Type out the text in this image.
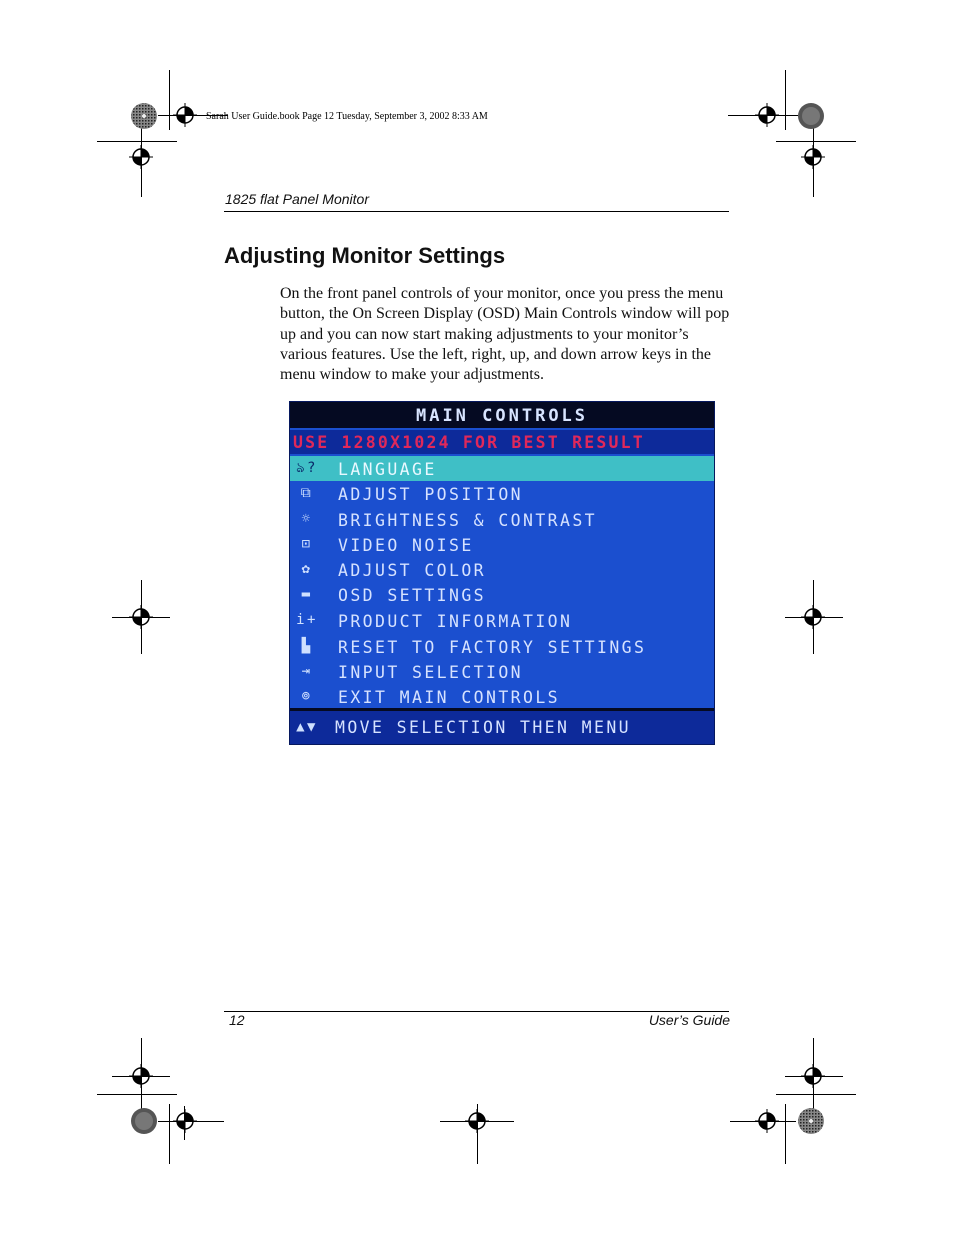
Sarah User Guide.book Page 12 Tuesday, September 3, 2002 8:33 AM
1825 flat Panel Monitor
Adjusting Monitor Settings

On the front panel controls of your monitor, once you press the menu button, the On Screen Display (OSD) Main Controls window will pop up and you can now start making adjustments to your monitor’s various features. Use the left, right, up, and down arrow keys in the menu window to make your adjustments.

MAIN CONTROLS
USE 1280X1024 FOR BEST RESULT
ঌ? LANGUAGE
⧉	ADJUST POSITION
☼	BRIGHTNESS & CONTRAST
⊡	VIDEO NOISE
✿	ADJUST COLOR
▬	OSD SETTINGS
i+ PRODUCT INFORMATION
▙	RESET TO FACTORY SETTINGS
⇥	INPUT SELECTION
⊚	EXIT MAIN CONTROLS
▲▼ MOVE SELECTION THEN MENU
12	User’s Guide
